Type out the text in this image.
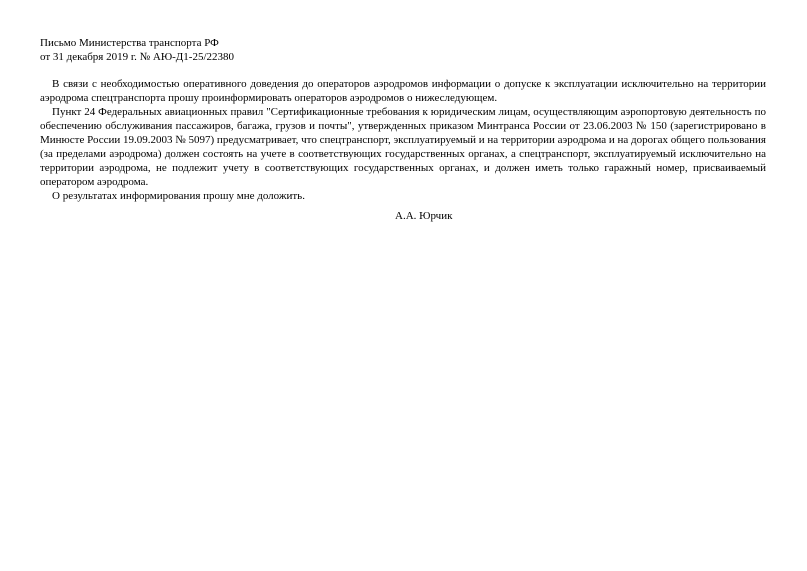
Письмо Министерства транспорта РФ

от 31 декабря 2019 г. № АЮ-Д1-25/22380

В связи с необходимостью оперативного доведения до операторов аэродромов информации о допуске к эксплуатации исключительно на территории аэродрома спецтранспорта прошу проинформировать операторов аэродромов о нижеследующем.

Пункт 24 Федеральных авиационных правил "Сертификационные требования к юридическим лицам, осуществляющим аэропортовую деятельность по обеспечению обслуживания пассажиров, багажа, грузов и почты", утвержденных приказом Минтранса России от 23.06.2003 № 150 (зарегистрировано в Минюсте России 19.09.2003 № 5097) предусматривает, что спецтранспорт, эксплуатируемый и на территории аэродрома и на дорогах общего пользования (за пределами аэродрома) должен состоять на учете в соответствующих государственных органах, а спецтранспорт, эксплуатируемый исключительно на территории аэродрома, не подлежит учету в соответствующих государственных органах, и должен иметь только гаражный номер, присваиваемый оператором аэродрома.

О результатах информирования прошу мне доложить.

А.А. Юрчик
